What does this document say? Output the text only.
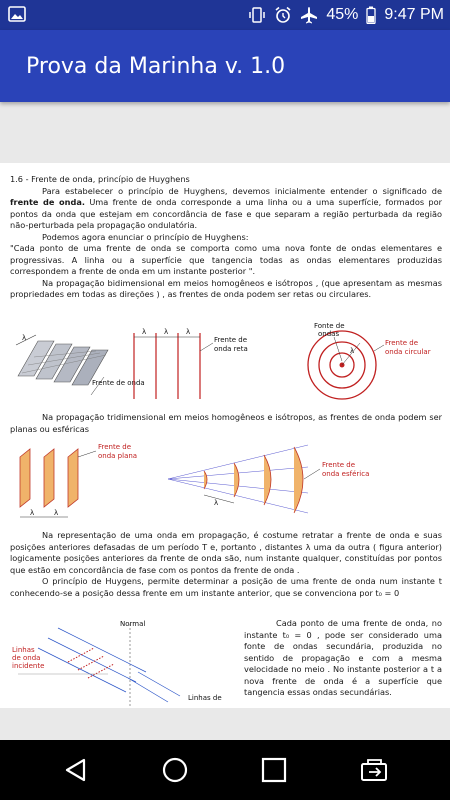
45% 9:47 PM
Prova da Marinha v. 1.0

1.6 - Frente de onda, princípio de Huyghens

Para estabelecer o princípio de Huyghens, devemos inicialmente entender o significado de frente de onda. Uma frente de onda corresponde a uma linha ou a uma superfície, formados por pontos da onda que estejam em concordância de fase e que separam a região perturbada da região não-perturbada pela propagação ondulatória.

Podemos agora enunciar o princípio de Huyghens:

"Cada ponto de uma frente de onda se comporta como uma nova fonte de ondas elementares e progressivas. A linha ou a superfície que tangencia todas as ondas elementares produzidas correspondem a frente de onda em um instante posterior ".

Na propagação bidimensional em meios homogêneos e isótropos , (que apresentam as mesmas propriedades em todas as direções ) , as frentes de onda podem ser retas ou circulares.

λ
Frente de onda
λ	λ	λ
Frente de
onda reta	λ
Fonte de
ondas
Frente de
onda circular

Na propagação tridimensional em meios homogêneos e isótropos, as frentes de onda podem ser planas ou esféricas

λ	λ
Frente de
onda plana
λ
Frente de
onda esférica

Na representação de uma onda em propagação, é costume retratar a frente de onda e suas posições anteriores defasadas de um período T e, portanto , distantes λ uma da outra ( figura anterior) logicamente posições anteriores da frente de onda são, num instante qualquer, constituídas por pontos que estão em concordância de fase com os pontos da frente de onda .

O princípio de Huygens, permite determinar a posição de uma frente de onda num instante t conhecendo-se a posição dessa frente em um instante anterior, que se convenciona por t₀ = 0

Normal
Linhas
de onda
incidente
Linhas de

Cada ponto de uma frente de onda, no instante t₀ = 0 , pode ser considerado uma fonte de ondas secundária, produzida no sentido de propagação e com a mesma velocidade no meio . No instante posterior a t a nova frente de onda é a superfície que tangencia essas ondas secundárias.
